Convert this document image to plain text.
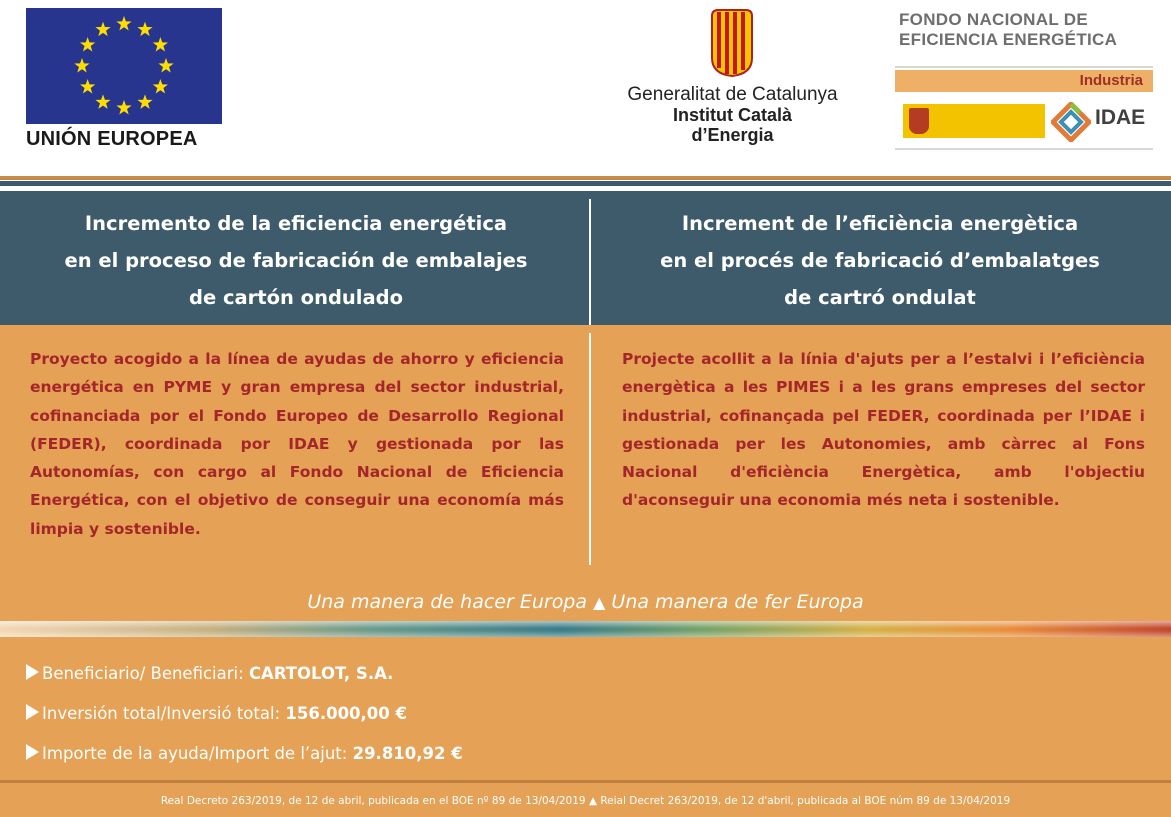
UNIÓN EUROPEA
Generalitat de Catalunya
Institut Català
d’Energia
FONDO NACIONAL DE
EFICIENCIA ENERGÉTICA
Industria
IDAE
Incremento de la eficiencia energética
en el proceso de fabricación de embalajes
de cartón ondulado
Increment de l’eficiència energètica
en el procés de fabricació d’embalatges
de cartró ondulat
Proyecto acogido a la línea de ayudas de ahorro y eficiencia energética en PYME y gran empresa del sector industrial, cofinanciada por el Fondo Europeo de Desarrollo Regional (FEDER), coordinada por IDAE y gestionada por las Autonomías, con cargo al Fondo Nacional de Eficiencia Energética, con el objetivo de conseguir una economía más limpia y sostenible.
Projecte acollit a la línia d'ajuts per a l’estalvi i l’eficiència energètica a les PIMES i a les grans empreses del sector industrial, cofinançada pel FEDER, coordinada per l’IDAE i gestionada per les Autonomies, amb càrrec al Fons Nacional d'eficiència Energètica, amb l'objectiu d'aconseguir una economia més neta i sostenible.
Una manera de hacer Europa ▲ Una manera de fer Europa
Beneficiario/ Beneficiari: CARTOLOT, S.A.
Inversión total/Inversió total: 156.000,00 €
Importe de la ayuda/Import de l’ajut: 29.810,92 €
Real Decreto 263/2019, de 12 de abril, publicada en el BOE nº 89 de 13/04/2019 ▲ Reial Decret 263/2019, de 12 d'abril, publicada al BOE núm 89 de 13/04/2019
